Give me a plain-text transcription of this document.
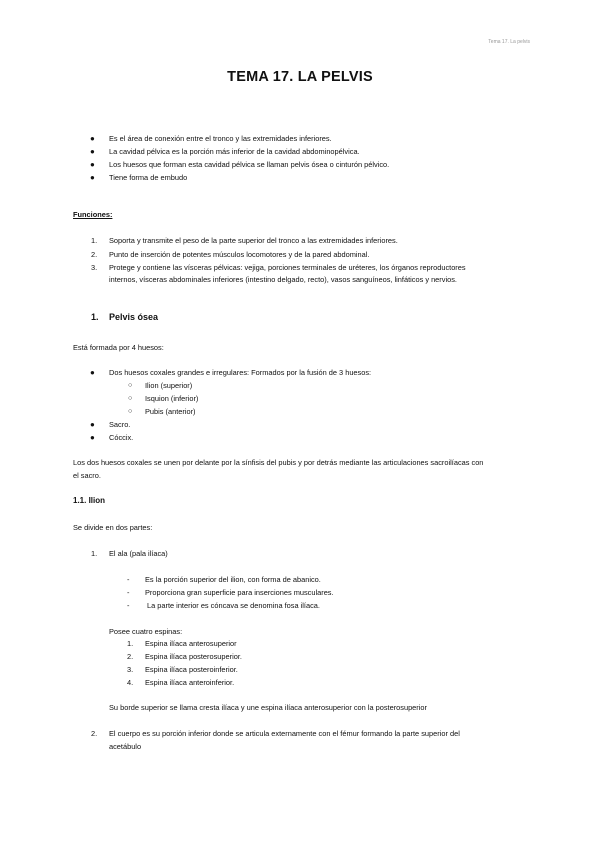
Tema 17. La pelvis
TEMA 17. LA PELVIS
● Es el área de conexión entre el tronco y las extremidades inferiores.
● La cavidad pélvica es la porción más inferior de la cavidad abdominopélvica.
● Los huesos que forman esta cavidad pélvica se llaman pelvis ósea o cinturón pélvico.
● Tiene forma de embudo
Funciones:
1. Soporta y transmite el peso de la parte superior del tronco a las extremidades inferiores.
2. Punto de inserción de potentes músculos locomotores y de la pared abdominal.
3. Protege y contiene las vísceras pélvicas: vejiga, porciones terminales de uréteres, los órganos reproductores
internos, vísceras abdominales inferiores (intestino delgado, recto), vasos sanguíneos, linfáticos y nervios.
1. Pelvis ósea
Está formada por 4 huesos:
● Dos huesos coxales grandes e irregulares: Formados por la fusión de 3 huesos:
○ Ilion (superior)
○ Isquion (inferior)
○ Pubis (anterior)
● Sacro.
● Cóccix.
Los dos huesos coxales se unen por delante por la sínfisis del pubis y por detrás mediante las articulaciones sacroilíacas con
el sacro.
1.1. Ilion
Se divide en dos partes:
1. El ala (pala ilíaca)
- Es la porción superior del ilion, con forma de abanico.
- Proporciona gran superficie para inserciones musculares.
- La parte interior es cóncava se denomina fosa ilíaca.
Posee cuatro espinas:
1. Espina ilíaca anterosuperior
2. Espina ilíaca posterosuperior.
3. Espina ilíaca posteroinferior.
4. Espina ilíaca anteroinferior.
Su borde superior se llama cresta ilíaca y une espina ilíaca anterosuperior con la posterosuperior
2. El cuerpo es su porción inferior donde se articula externamente con el fémur formando la parte superior del
acetábulo
